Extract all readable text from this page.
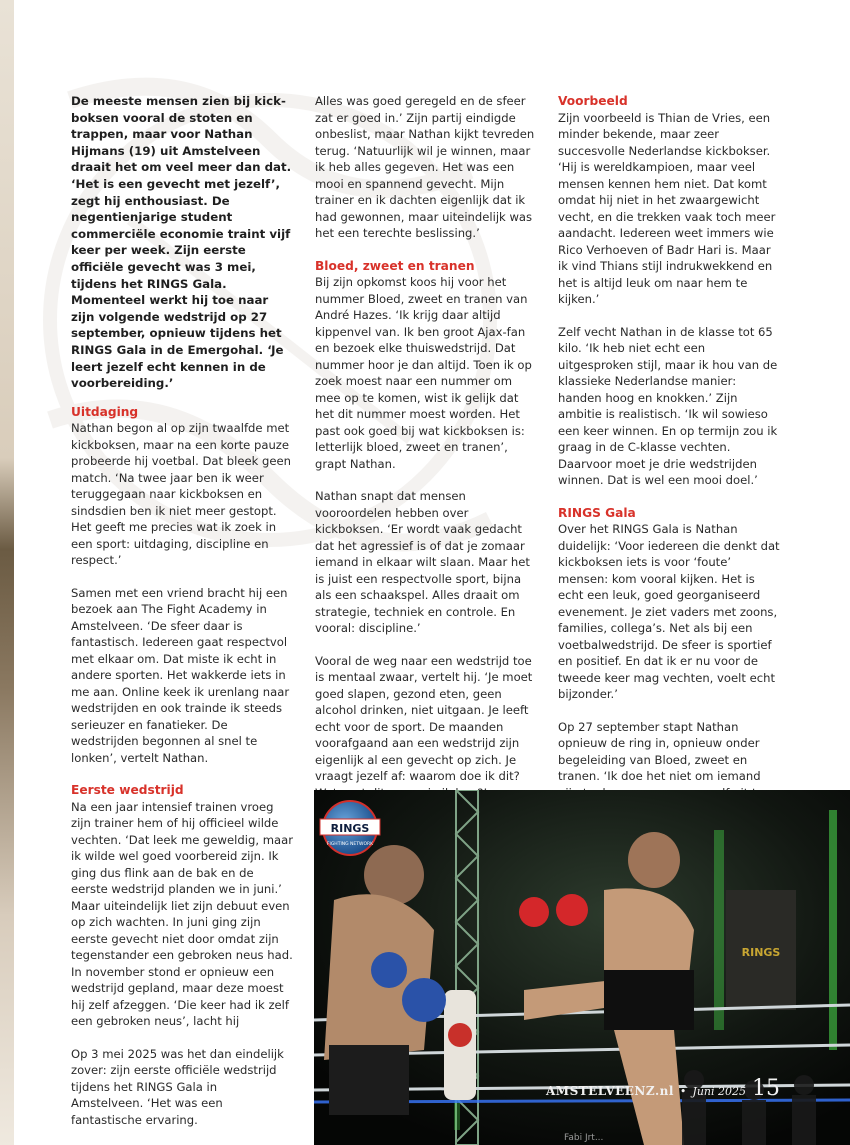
De meeste mensen zien bij kickboksen vooral de stoten en trappen, maar voor Nathan Hijmans (19) uit Amstelveen draait het om veel meer dan dat. ‘Het is een gevecht met jezelf’, zegt hij enthousiast. De negentienjarige student commerciële economie traint vijf keer per week. Zijn eerste officiële gevecht was 3 mei, tijdens het RINGS Gala. Momenteel werkt hij toe naar zijn volgende wedstrijd op 27 september, opnieuw tijdens het RINGS Gala in de Emergohal. ‘Je leert jezelf echt kennen in de voorbereiding.’

Uitdaging

Nathan begon al op zijn twaalfde met kickboksen, maar na een korte pauze probeerde hij voetbal. Dat bleek geen match. ‘Na twee jaar ben ik weer teruggegaan naar kickboksen en sindsdien ben ik niet meer gestopt. Het geeft me precies wat ik zoek in een sport: uitdaging, discipline en respect.’

Samen met een vriend bracht hij een bezoek aan The Fight Academy in Amstelveen. ‘De sfeer daar is fantastisch. Iedereen gaat respectvol met elkaar om. Dat miste ik echt in andere sporten. Het wakkerde iets in me aan. Online keek ik urenlang naar wedstrijden en ook trainde ik steeds serieuzer en fanatieker. De wedstrijden begonnen al snel te lonken’, vertelt Nathan.

Eerste wedstrijd

Na een jaar intensief trainen vroeg zijn trainer hem of hij officieel wilde vechten. ‘Dat leek me geweldig, maar ik wilde wel goed voorbereid zijn. Ik ging dus flink aan de bak en de eerste wedstrijd planden we in juni.’ Maar uiteindelijk liet zijn debuut even op zich wachten. In juni ging zijn eerste gevecht niet door omdat zijn tegenstander een gebroken neus had. In november stond er opnieuw een wedstrijd gepland, maar deze moest hij zelf afzeggen. ‘Die keer had ik zelf een gebroken neus’, lacht hij

Op 3 mei 2025 was het dan eindelijk zover: zijn eerste officiële wedstrijd tijdens het RINGS Gala in Amstelveen. ‘Het was een fantastische ervaring.

Alles was goed geregeld en de sfeer zat er goed in.’ Zijn partij eindigde onbeslist, maar Nathan kijkt tevreden terug. ‘Natuurlijk wil je winnen, maar ik heb alles gegeven. Het was een mooi en spannend gevecht. Mijn trainer en ik dachten eigenlijk dat ik had gewonnen, maar uiteindelijk was het een terechte beslissing.’

Bloed, zweet en tranen

Bij zijn opkomst koos hij voor het nummer Bloed, zweet en tranen van André Hazes. ‘Ik krijg daar altijd kippenvel van. Ik ben groot Ajax-fan en bezoek elke thuiswedstrijd. Dat nummer hoor je dan altijd. Toen ik op zoek moest naar een nummer om mee op te komen, wist ik gelijk dat het dit nummer moest worden. Het past ook goed bij wat kickboksen is: letterlijk bloed, zweet en tranen’, grapt Nathan.

Nathan snapt dat mensen vooroordelen hebben over kickboksen. ‘Er wordt vaak gedacht dat het agressief is of dat je zomaar iemand in elkaar wilt slaan. Maar het is juist een respectvolle sport, bijna als een schaakspel. Alles draait om strategie, techniek en controle. En vooral: discipline.’

Vooral de weg naar een wedstrijd toe is mentaal zwaar, vertelt hij. ‘Je moet goed slapen, gezond eten, geen alcohol drinken, niet uitgaan. Je leeft echt voor de sport. De maanden voorafgaand aan een wedstrijd zijn eigenlijk al een gevecht op zich. Je vraagt jezelf af: waarom doe ik dit?

Voorbeeld

Zijn voorbeeld is Thian de Vries, een minder bekende, maar zeer succesvolle Nederlandse kickbokser. ‘Hij is wereldkampioen, maar veel mensen kennen hem niet. Dat komt omdat hij niet in het zwaargewicht vecht, en die trekken vaak toch meer aandacht. Iedereen weet immers wie Rico Verhoeven of Badr Hari is. Maar ik vind Thians stijl indrukwekkend en het is altijd leuk om naar hem te kijken.’

Zelf vecht Nathan in de klasse tot 65 kilo. ‘Ik heb niet echt een uitgesproken stijl, maar ik hou van de klassieke Nederlandse manier: handen hoog en knokken.’ Zijn ambitie is realistisch. ‘Ik wil sowieso een keer winnen. En op termijn zou ik graag in de C-klasse vechten. Daarvoor moet je drie wedstrijden winnen. Dat is wel een mooi doel.’

RINGS Gala

Over het RINGS Gala is Nathan duidelijk: ‘Voor iedereen die denkt dat kickboksen iets is voor ‘foute’ mensen: kom vooral kijken. Het is echt een leuk, goed georganiseerd evenement. Je ziet vaders met zoons, families, collega’s. Net als bij een voetbalwedstrijd. De sfeer is sportief en positief. En dat ik er nu voor de tweede keer mag vechten, voelt echt bijzonder.’

Op 27 september stapt Nathan opnieuw de ring in, opnieuw onder begeleiding van Bloed, zweet en tranen. ‘Ik doe het niet om iemand

RINGS
RINGS
FIGHTING NETWORK
AMSTELVEENZ.nl • Juni 2025 15
Fabi Jrt...
